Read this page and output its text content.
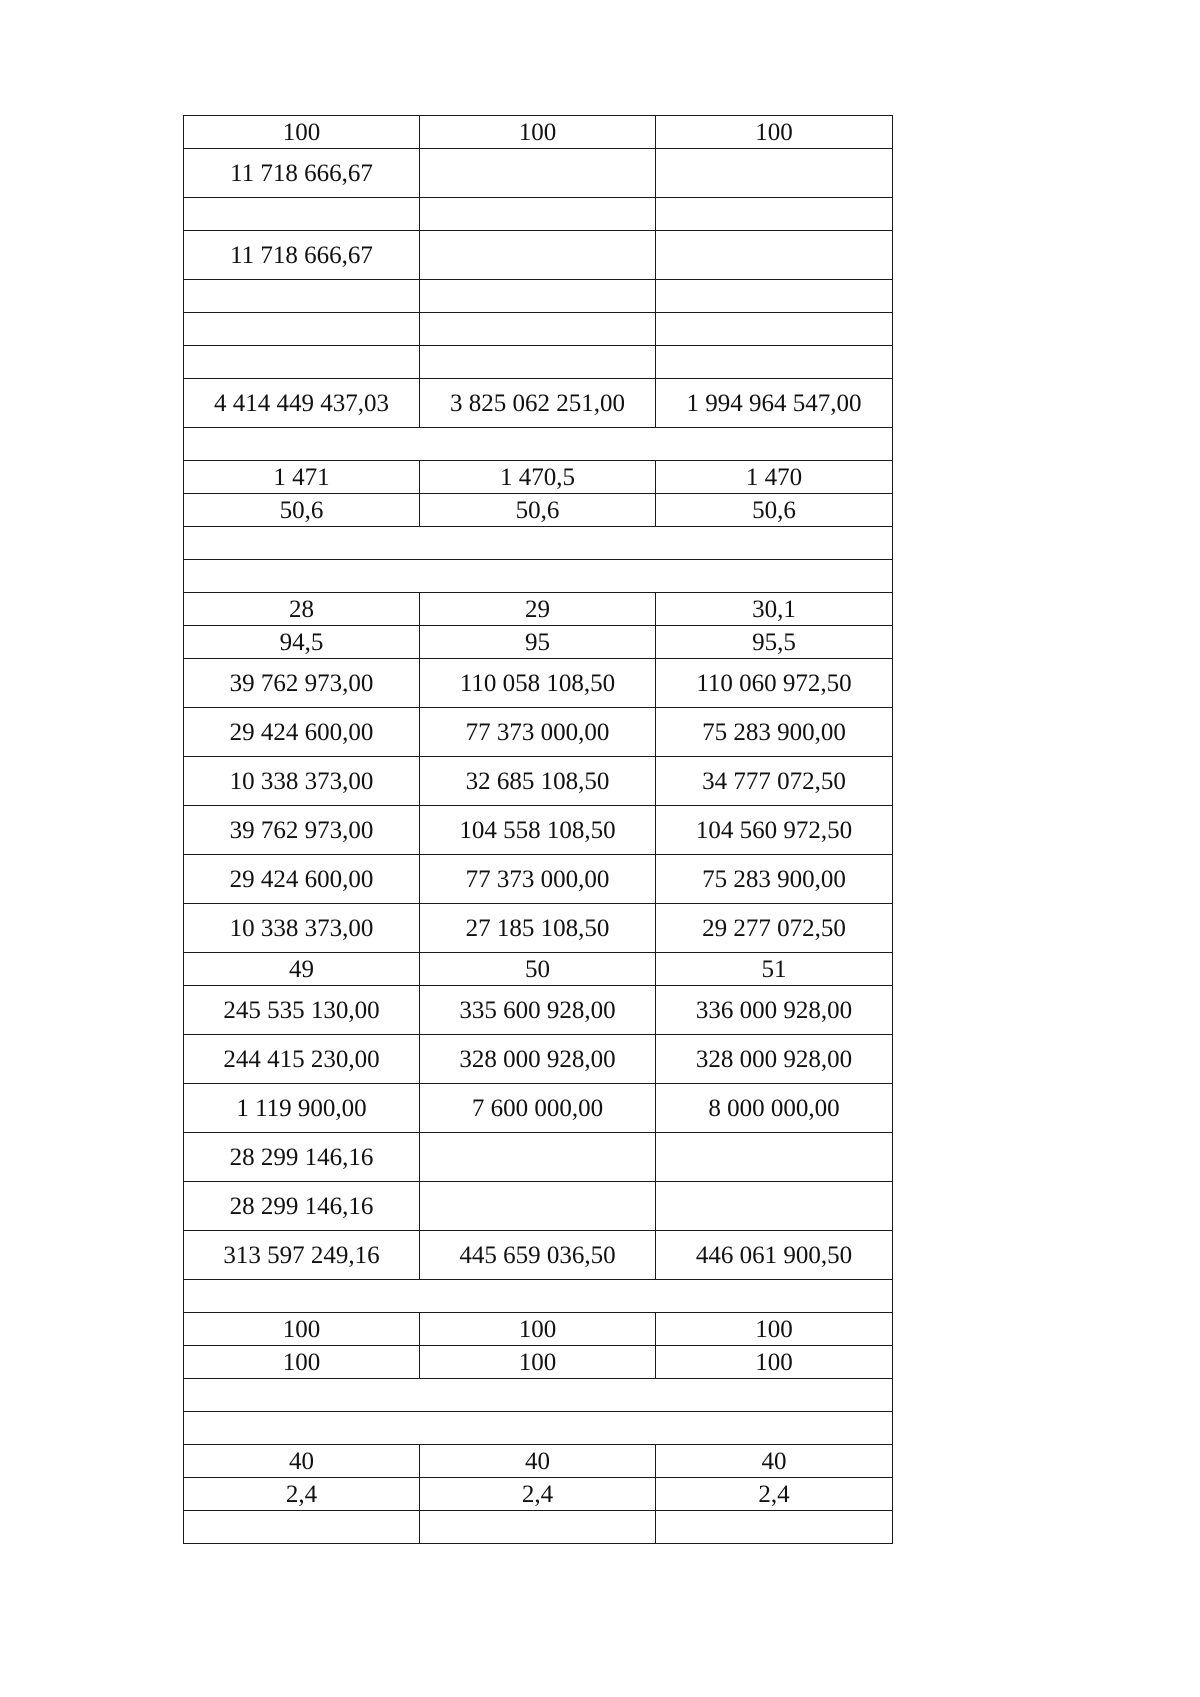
100	100	100
11 718 666,67		

11 718 666,67		

4 414 449 437,03	3 825 062 251,00	1 994 964 547,00

1 471	1 470,5	1 470
50,6	50,6	50,6

28	29	30,1
94,5	95	95,5
39 762 973,00	110 058 108,50	110 060 972,50
29 424 600,00	77 373 000,00	75 283 900,00
10 338 373,00	32 685 108,50	34 777 072,50
39 762 973,00	104 558 108,50	104 560 972,50
29 424 600,00	77 373 000,00	75 283 900,00
10 338 373,00	27 185 108,50	29 277 072,50
49	50	51
245 535 130,00	335 600 928,00	336 000 928,00
244 415 230,00	328 000 928,00	328 000 928,00
1 119 900,00	7 600 000,00	8 000 000,00
28 299 146,16		
28 299 146,16		
313 597 249,16	445 659 036,50	446 061 900,50

100	100	100
100	100	100

40	40	40
2,4	2,4	2,4
